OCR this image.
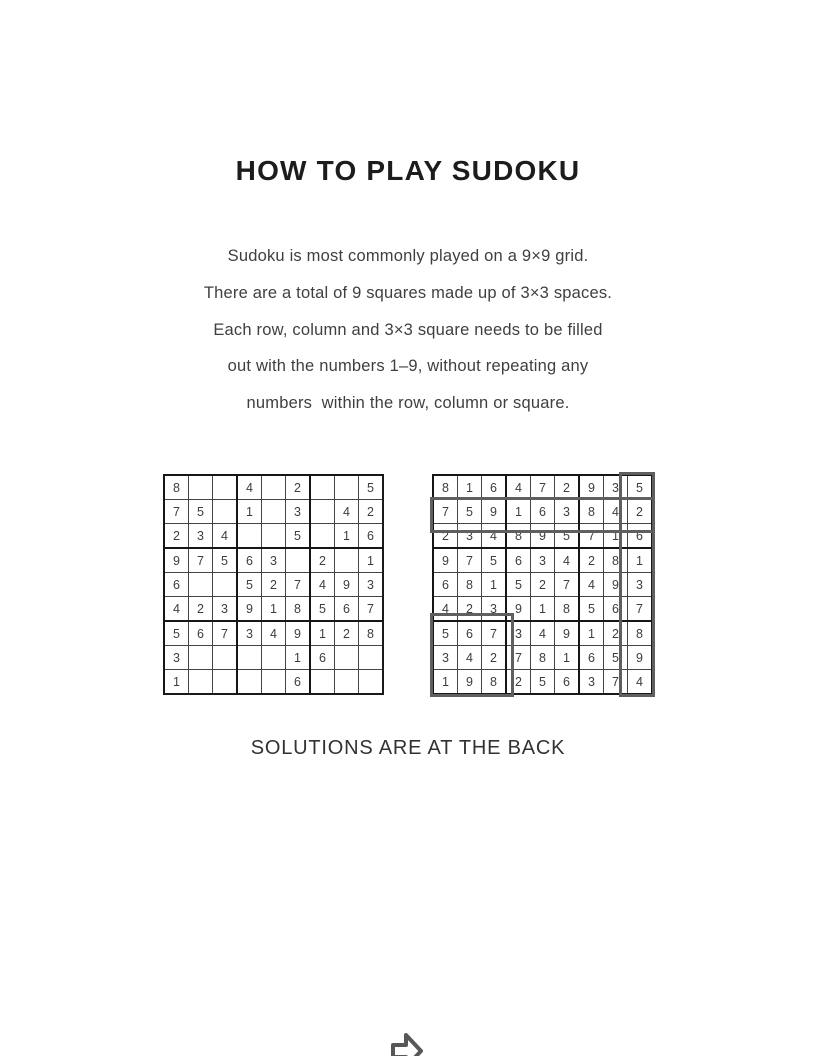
HOW TO PLAY SUDOKU

Sudoku is most commonly played on a 9×9 grid.

There are a total of 9 squares made up of 3×3 spaces.

Each row, column and 3×3 square needs to be filled

out with the numbers 1–9, without repeating any

numbers  within the row, column or square.

8			4		2			5
7	5		1		3		4	2
2	3	4			5		1	6
9	7	5	6	3		2		1
6			5	2	7	4	9	3
4	2	3	9	1	8	5	6	7
5	6	7	3	4	9	1	2	8
3					1	6		
1					6			
8	1	6	4	7	2	9	3	5
7	5	9	1	6	3	8	4	2
2	3	4	8	9	5	7	1	6
9	7	5	6	3	4	2	8	1
6	8	1	5	2	7	4	9	3
4	2	3	9	1	8	5	6	7
5	6	7	3	4	9	1	2	8
3	4	2	7	8	1	6	5	9
1	9	8	2	5	6	3	7	4
SOLUTIONS ARE AT THE BACK
